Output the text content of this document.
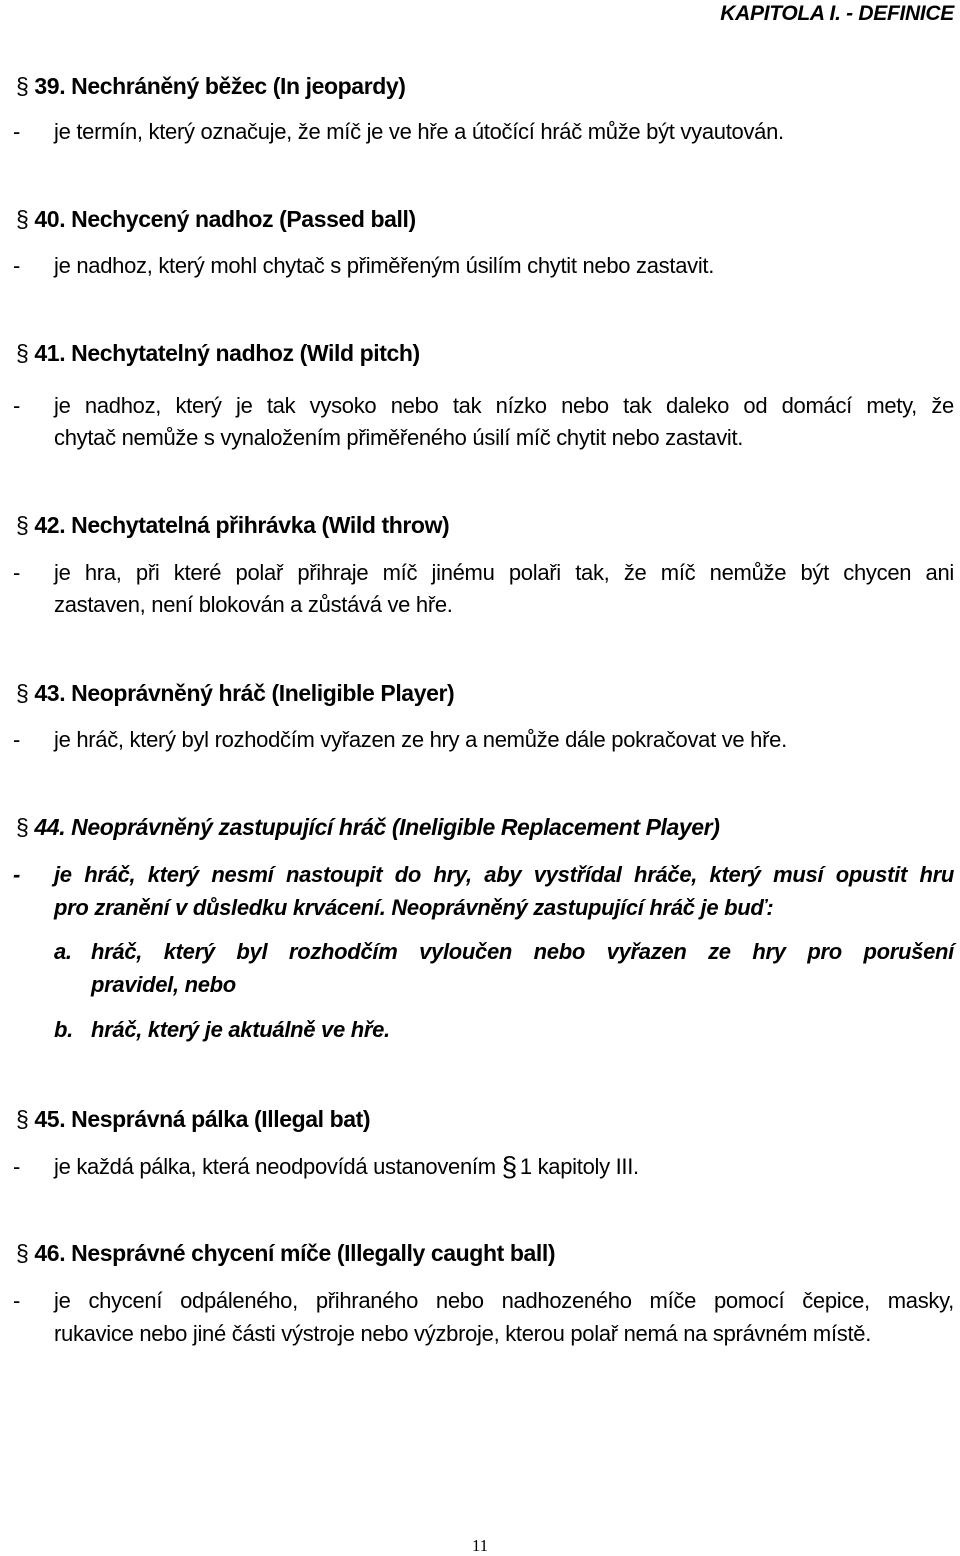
KAPITOLA I. - DEFINICE
§ 39. Nechráněný běžec (In jeopardy)
- je termín, který označuje, že míč je ve hře a útočící hráč může být vyautován.
§ 40. Nechycený nadhoz (Passed ball)
- je nadhoz, který mohl chytač s přiměřeným úsilím chytit nebo zastavit.
§ 41. Nechytatelný nadhoz (Wild pitch)
- je nadhoz, který je tak vysoko nebo tak nízko nebo tak daleko od domácí mety, že
chytač nemůže s vynaložením přiměřeného úsilí míč chytit nebo zastavit.
§ 42. Nechytatelná přihrávka (Wild throw)
- je hra, při které polař přihraje míč jinému polaři tak, že míč nemůže být chycen ani
zastaven, není blokován a zůstává ve hře.
§ 43. Neoprávněný hráč (Ineligible Player)
- je hráč, který byl rozhodčím vyřazen ze hry a nemůže dále pokračovat ve hře.
§ 44. Neoprávněný zastupující hráč (Ineligible Replacement Player)
- je hráč, který nesmí nastoupit do hry, aby vystřídal hráče, který musí opustit hru
pro zranění v důsledku krvácení. Neoprávněný zastupující hráč je buď:
a. hráč, který byl rozhodčím vyloučen nebo vyřazen ze hry pro porušení
pravidel, nebo
b. hráč, který je aktuálně ve hře.
§ 45. Nesprávná pálka (Illegal bat)
- je každá pálka, která neodpovídá ustanovením § 1 kapitoly III.
§ 46. Nesprávné chycení míče (Illegally caught ball)
- je chycení odpáleného, přihraného nebo nadhozeného míče pomocí čepice, masky,
rukavice nebo jiné části výstroje nebo výzbroje, kterou polař nemá na správném místě.
11
